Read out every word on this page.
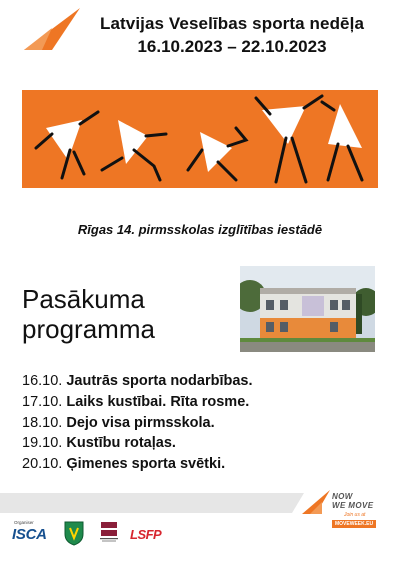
Latvijas Veselības sporta nedēļa
16.10.2023 – 22.10.2023
Rīgas 14. pirmsskolas izglītības iestādē
Pasākuma
programma
16.10. Jautrās sporta nodarbības.
17.10. Laiks kustībai. Rīta rosme.
18.10. Dejo visa pirmsskola.
19.10. Kustību rotaļas.
20.10. Ģimenes sporta svētki.
NOW
WE MOVE
Join us at
MOVEWEEK.EU
Organiser
ISCA	LSFP
